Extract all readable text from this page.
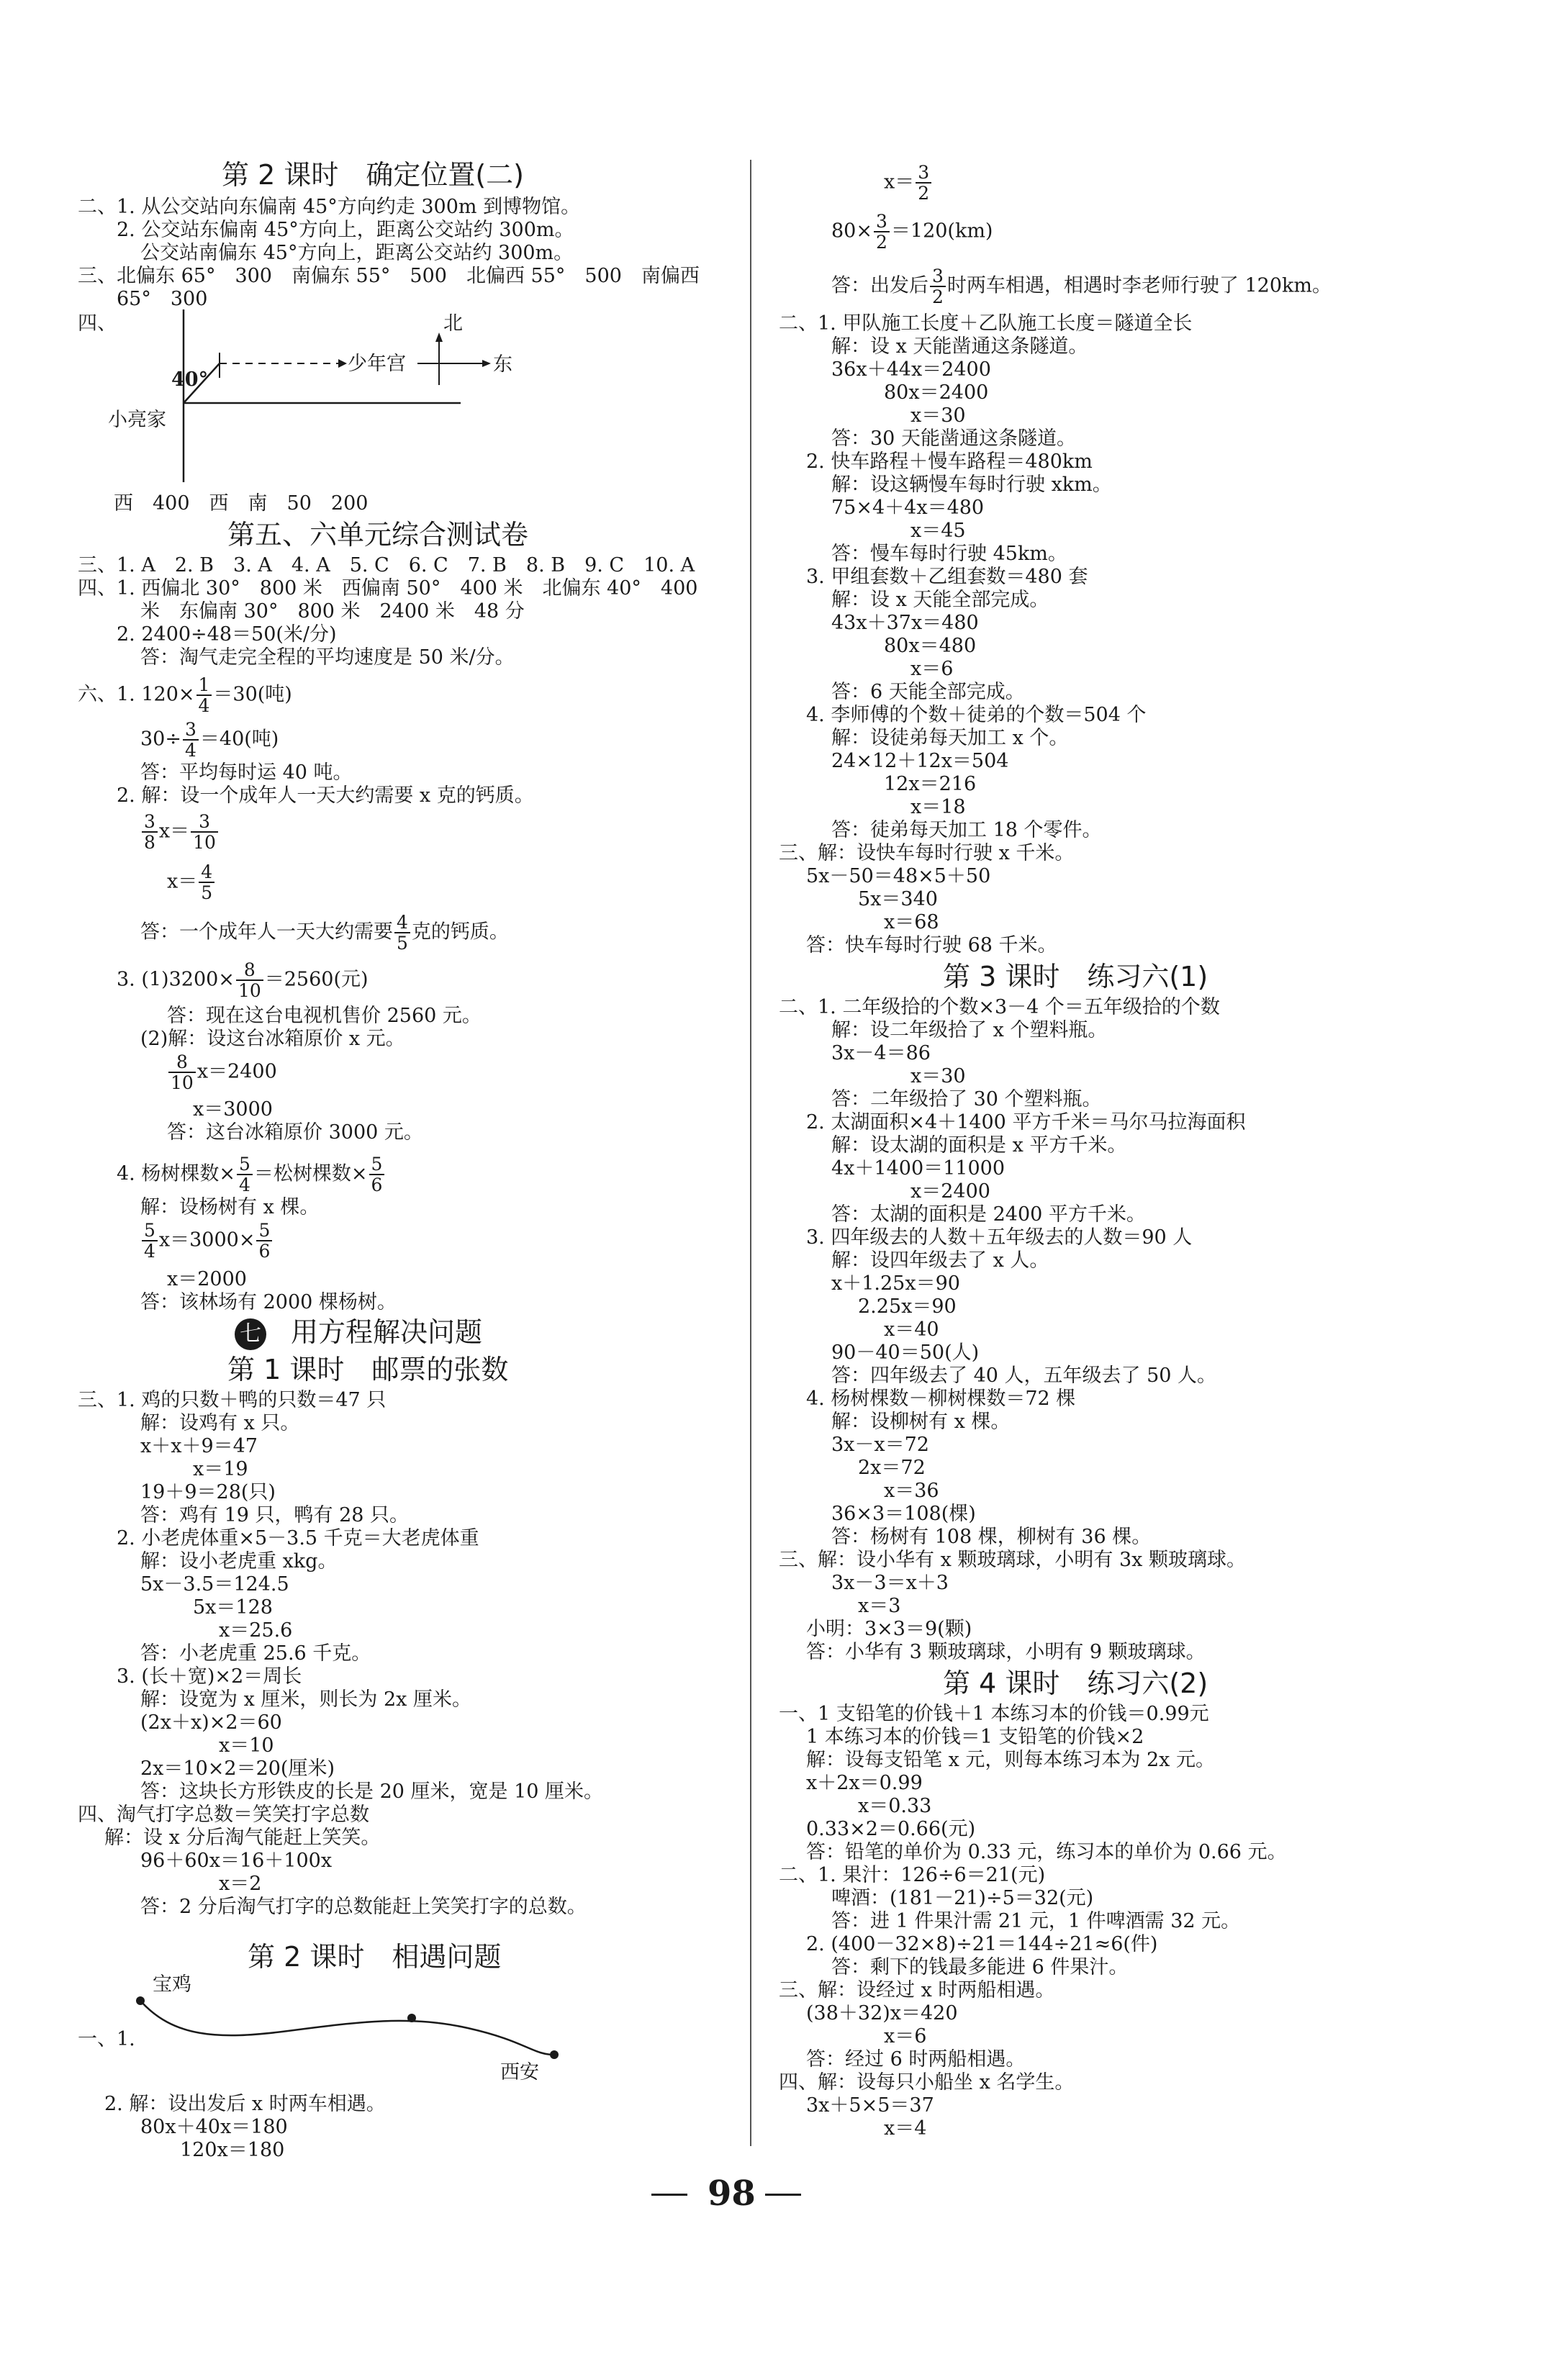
第 2 课时　确定位置(二)
二、1. 从公交站向东偏南 45°方向约走 300m 到博物馆。
2. 公交站东偏南 45°方向上，距离公交站约 300m。
公交站南偏东 45°方向上，距离公交站约 300m。
三、北偏东 65°　300　南偏东 55°　500　北偏西 55°　500　南偏西
65°　300
四、
40°
小亮家
少年宫
北
东
西　400　西　南　50　200
第五、六单元综合测试卷
三、1. A　2. B　3. A　4. A　5. C　6. C　7. B　8. B　9. C　10. A
四、1. 西偏北 30°　800 米　西偏南 50°　400 米　北偏东 40°　400
米　东偏南 30°　800 米　2400 米　48 分
2. 2400÷48＝50(米/分)
答：淘气走完全程的平均速度是 50 米/分。
六、1. $120\times \frac{1}{4} =30$(吨)
$30\div \frac{3}{4} =40$(吨)
答：平均每时运 40 吨。
2. 解：设一个成年人一天大约需要 x 克的钙质。
$\frac{3}{8} x= \frac{3}{10}$
$x= \frac{4}{5}$
答：一个成年人一天大约需要 $\frac{4}{5}$ 克的钙质。
3. $(1)3200\times \frac{8}{10} =2560$(元)
答：现在这台电视机售价 2560 元。
(2)解：设这台冰箱原价 x 元。
$\frac{8}{10} x=2400$
x＝3000
答：这台冰箱原价 3000 元。
4. 杨树棵数× $\frac{5}{4}$ ＝松树棵数× $\frac{5}{6}$
解：设杨树有 x 棵。
$\frac{5}{4} x=3000\times \frac{5}{6}$
x＝2000
答：该林场有 2000 棵杨树。
七 用方程解决问题
第 1 课时　邮票的张数
三、1. 鸡的只数＋鸭的只数＝47 只
解：设鸡有 x 只。
x＋x＋9＝47
x＝19
19＋9＝28(只)
答：鸡有 19 只，鸭有 28 只。
2. 小老虎体重×5－3.5 千克＝大老虎体重
解：设小老虎重 xkg。
5x－3.5＝124.5
5x＝128
x＝25.6
答：小老虎重 25.6 千克。
3. (长＋宽)×2＝周长
解：设宽为 x 厘米，则长为 2x 厘米。
(2x＋x)×2＝60
x＝10
2x＝10×2＝20(厘米)
答：这块长方形铁皮的长是 20 厘米，宽是 10 厘米。
四、淘气打字总数＝笑笑打字总数
解：设 x 分后淘气能赶上笑笑。
96＋60x＝16＋100x
x＝2
答：2 分后淘气打字的总数能赶上笑笑打字的总数。
第 2 课时　相遇问题
一、1.
宝鸡
西安
2. 解：设出发后 x 时两车相遇。
80x＋40x＝180
120x＝180
$x= \frac{3}{2}$
$80\times \frac{3}{2} =120(km)$
答：出发后 $\frac{3}{2}$ 时两车相遇，相遇时李老师行驶了 120km。
二、1. 甲队施工长度＋乙队施工长度＝隧道全长
解：设 x 天能凿通这条隧道。
36x＋44x＝2400
80x＝2400
x＝30
答：30 天能凿通这条隧道。
2. 快车路程＋慢车路程＝480km
解：设这辆慢车每时行驶 xkm。
75×4＋4x＝480
x＝45
答：慢车每时行驶 45km。
3. 甲组套数＋乙组套数＝480 套
解：设 x 天能全部完成。
43x＋37x＝480
80x＝480
x＝6
答：6 天能全部完成。
4. 李师傅的个数＋徒弟的个数＝504 个
解：设徒弟每天加工 x 个。
24×12＋12x＝504
12x＝216
x＝18
答：徒弟每天加工 18 个零件。
三、解：设快车每时行驶 x 千米。
5x－50＝48×5＋50
5x＝340
x＝68
答：快车每时行驶 68 千米。
第 3 课时　练习六(1)
二、1. 二年级拾的个数×3－4 个＝五年级拾的个数
解：设二年级拾了 x 个塑料瓶。
3x－4＝86
x＝30
答：二年级拾了 30 个塑料瓶。
2. 太湖面积×4＋1400 平方千米＝马尔马拉海面积
解：设太湖的面积是 x 平方千米。
4x＋1400＝11000
x＝2400
答：太湖的面积是 2400 平方千米。
3. 四年级去的人数＋五年级去的人数＝90 人
解：设四年级去了 x 人。
x＋1.25x＝90
2.25x＝90
x＝40
90－40＝50(人)
答：四年级去了 40 人，五年级去了 50 人。
4. 杨树棵数－柳树棵数＝72 棵
解：设柳树有 x 棵。
3x－x＝72
2x＝72
x＝36
36×3＝108(棵)
答：杨树有 108 棵，柳树有 36 棵。
三、解：设小华有 x 颗玻璃球，小明有 3x 颗玻璃球。
3x－3＝x＋3
x＝3
小明：3×3＝9(颗)
答：小华有 3 颗玻璃球，小明有 9 颗玻璃球。
第 4 课时　练习六(2)
一、1 支铅笔的价钱＋1 本练习本的价钱＝0.99元
1 本练习本的价钱＝1 支铅笔的价钱×2
解：设每支铅笔 x 元，则每本练习本为 2x 元。
x＋2x＝0.99
x＝0.33
0.33×2＝0.66(元)
答：铅笔的单价为 0.33 元，练习本的单价为 0.66 元。
二、1. 果汁：126÷6＝21(元)
啤酒：(181－21)÷5＝32(元)
答：进 1 件果汁需 21 元，1 件啤酒需 32 元。
2. (400－32×8)÷21＝144÷21≈6(件)
答：剩下的钱最多能进 6 件果汁。
三、解：设经过 x 时两船相遇。
(38＋32)x＝420
x＝6
答：经过 6 时两船相遇。
四、解：设每只小船坐 x 名学生。
3x＋5×5＝37
x＝4
98
